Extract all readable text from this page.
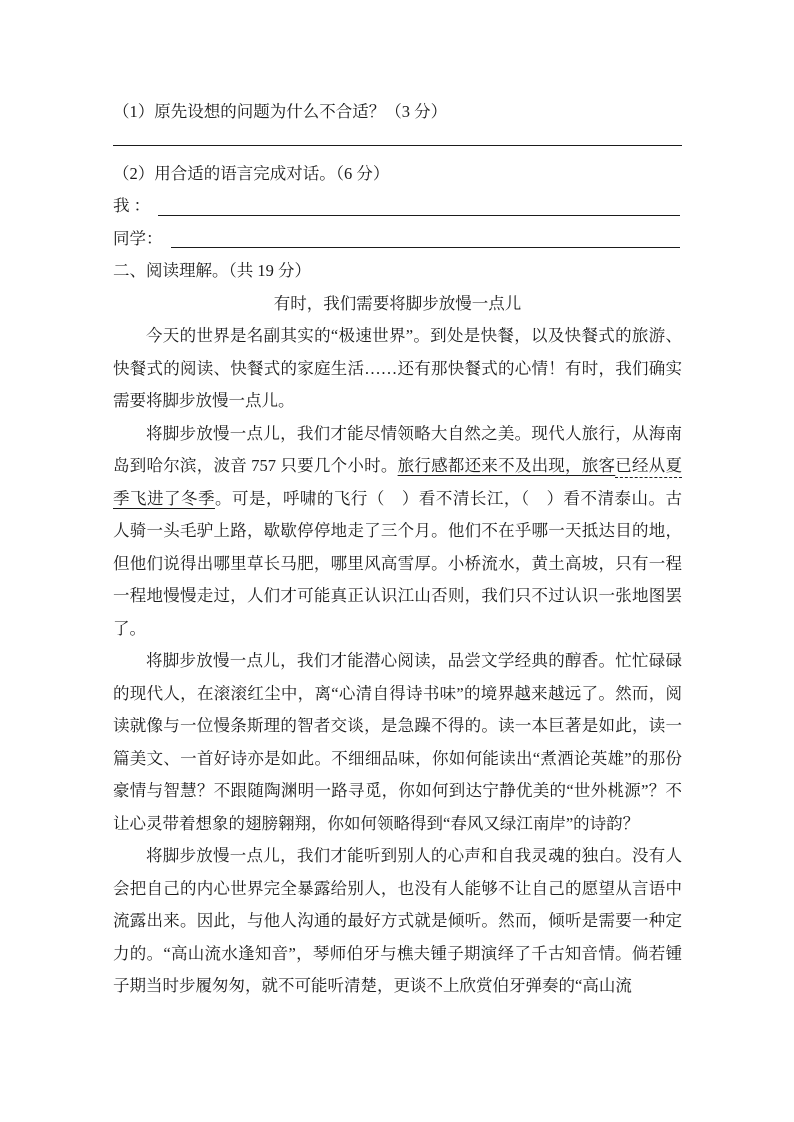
（1）原先设想的问题为什么不合适？（3 分）
（2）用合适的语言完成对话。（6 分）
我 ：
同学：
二、阅读理解。（共 19 分）
有时，我们需要将脚步放慢一点儿

今天的世界是名副其实的“极速世界”。到处是快餐，以及快餐式的旅游、快餐式的阅读、快餐式的家庭生活……还有那快餐式的心情！有时，我们确实需要将脚步放慢一点儿。

将脚步放慢一点儿，我们才能尽情领略大自然之美。现代人旅行，从海南岛到哈尔滨，波音 757 只要几个小时。旅行感都还来不及出现，旅客已经从夏季飞进了冬季。可是，呼啸的飞行（　）看不清长江，（　）看不清泰山。古人骑一头毛驴上路，歇歇停停地走了三个月。他们不在乎哪一天抵达目的地， 但他们说得出哪里草长马肥，哪里风高雪厚。小桥流水，黄土高坡，只有一程一程地慢慢走过，人们才可能真正认识江山否则，我们只不过认识一张地图罢了。

将脚步放慢一点儿，我们才能潜心阅读，品尝文学经典的醇香。忙忙碌碌的现代人，在滚滚红尘中，离“心清自得诗书味”的境界越来越远了。然而，阅读就像与一位慢条斯理的智者交谈，是急躁不得的。读一本巨著是如此，读一篇美文、一首好诗亦是如此。不细细品味，你如何能读出“煮酒论英雄”的那份豪情与智慧？不跟随陶渊明一路寻觅，你如何到达宁静优美的“世外桃源”？不让心灵带着想象的翅膀翱翔，你如何领略得到“春风又绿江南岸”的诗韵？

将脚步放慢一点儿，我们才能听到别人的心声和自我灵魂的独白。没有人会把自己的内心世界完全暴露给别人，也没有人能够不让自己的愿望从言语中流露出来。因此，与他人沟通的最好方式就是倾听。然而，倾听是需要一种定力的。“高山流水逢知音”，琴师伯牙与樵夫锺子期演绎了千古知音情。倘若锺子期当时步履匆匆，就不可能听清楚，更谈不上欣赏伯牙弹奏的“高山流
